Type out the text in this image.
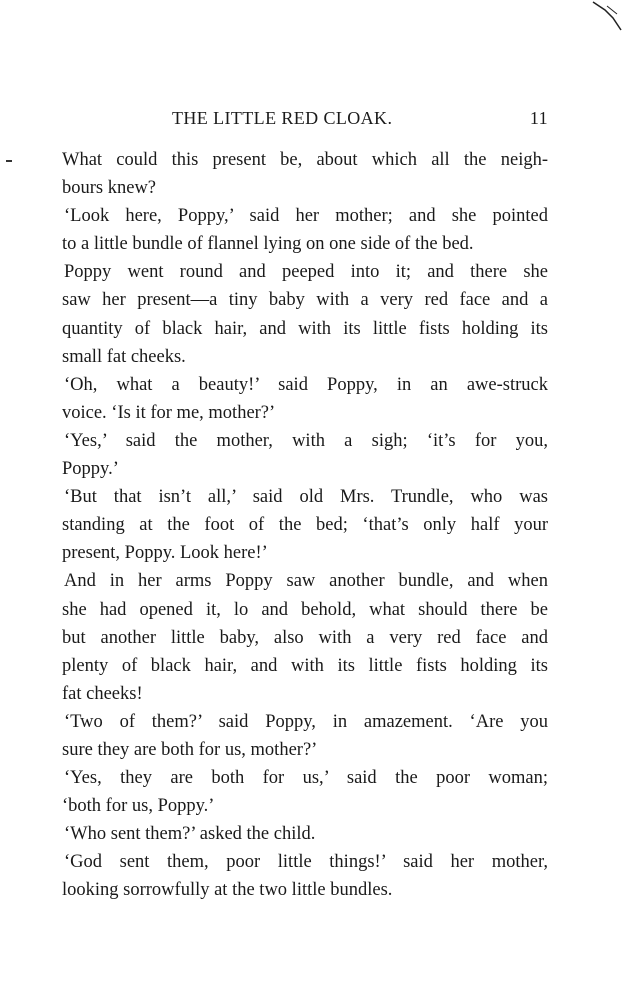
THE LITTLE RED CLOAK.	11
What could this present be, about which all the neigh-
bours knew?
‘Look here, Poppy,’ said her mother; and she pointed
to a little bundle of flannel lying on one side of the bed.
Poppy went round and peeped into it; and there she
saw her present—a tiny baby with a very red face and a
quantity of black hair, and with its little fists holding its
small fat cheeks.
‘Oh, what a beauty!’ said Poppy, in an awe-struck
voice. ‘Is it for me, mother?’
‘Yes,’ said the mother, with a sigh; ‘it’s for you,
Poppy.’
‘But that isn’t all,’ said old Mrs. Trundle, who was
standing at the foot of the bed; ‘that’s only half your
present, Poppy. Look here!’
And in her arms Poppy saw another bundle, and when
she had opened it, lo and behold, what should there be
but another little baby, also with a very red face and
plenty of black hair, and with its little fists holding its
fat cheeks!
‘Two of them?’ said Poppy, in amazement. ‘Are you
sure they are both for us, mother?’
‘Yes, they are both for us,’ said the poor woman;
‘both for us, Poppy.’
‘Who sent them?’ asked the child.
‘God sent them, poor little things!’ said her mother,
looking sorrowfully at the two little bundles.
